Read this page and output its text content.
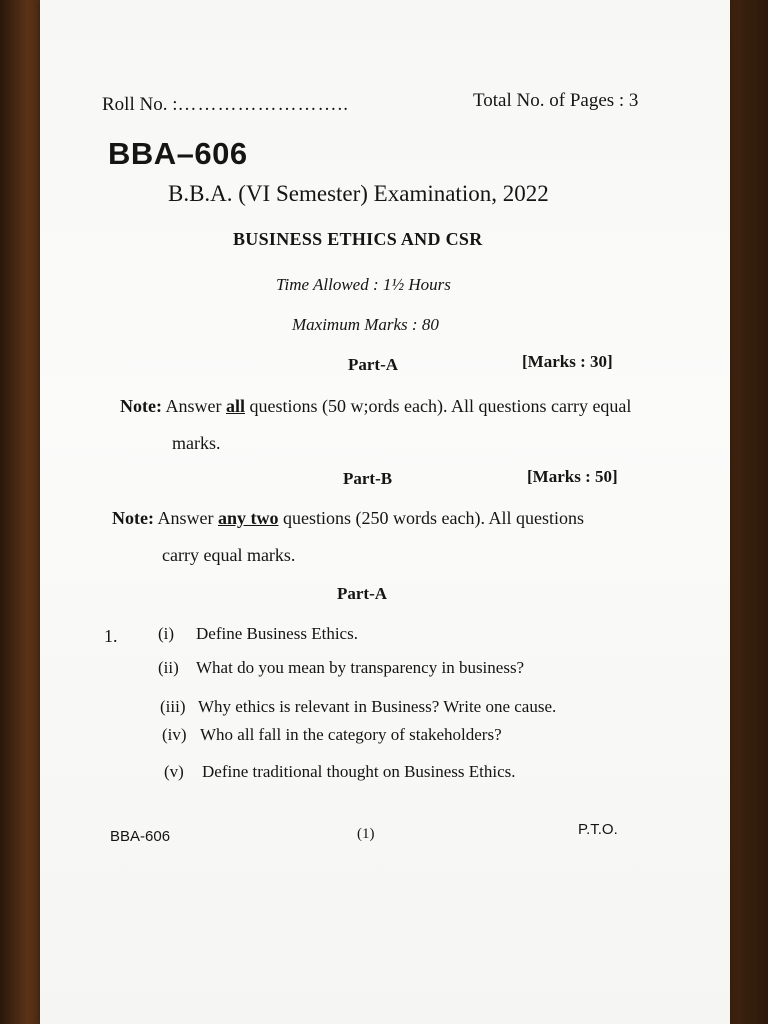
Roll No. :……………………..	Total No. of Pages : 3
BBA–606
B.B.A. (VI Semester) Examination, 2022
BUSINESS ETHICS AND CSR
Time Allowed : 1½ Hours
Maximum Marks : 80
Part-A	[Marks : 30]
Note: Answer all questions (50 w;ords each). All questions carry equal
marks.
Part-B	[Marks : 50]
Note: Answer any two questions (250 words each). All questions
carry equal marks.
Part-A
1. (i) Define Business Ethics.
(ii) What do you mean by transparency in business?
(iii) Why ethics is relevant in Business? Write one cause.
(iv) Who all fall in the category of stakeholders?
(v) Define traditional thought on Business Ethics.
BBA-606	(1)	P.T.O.
